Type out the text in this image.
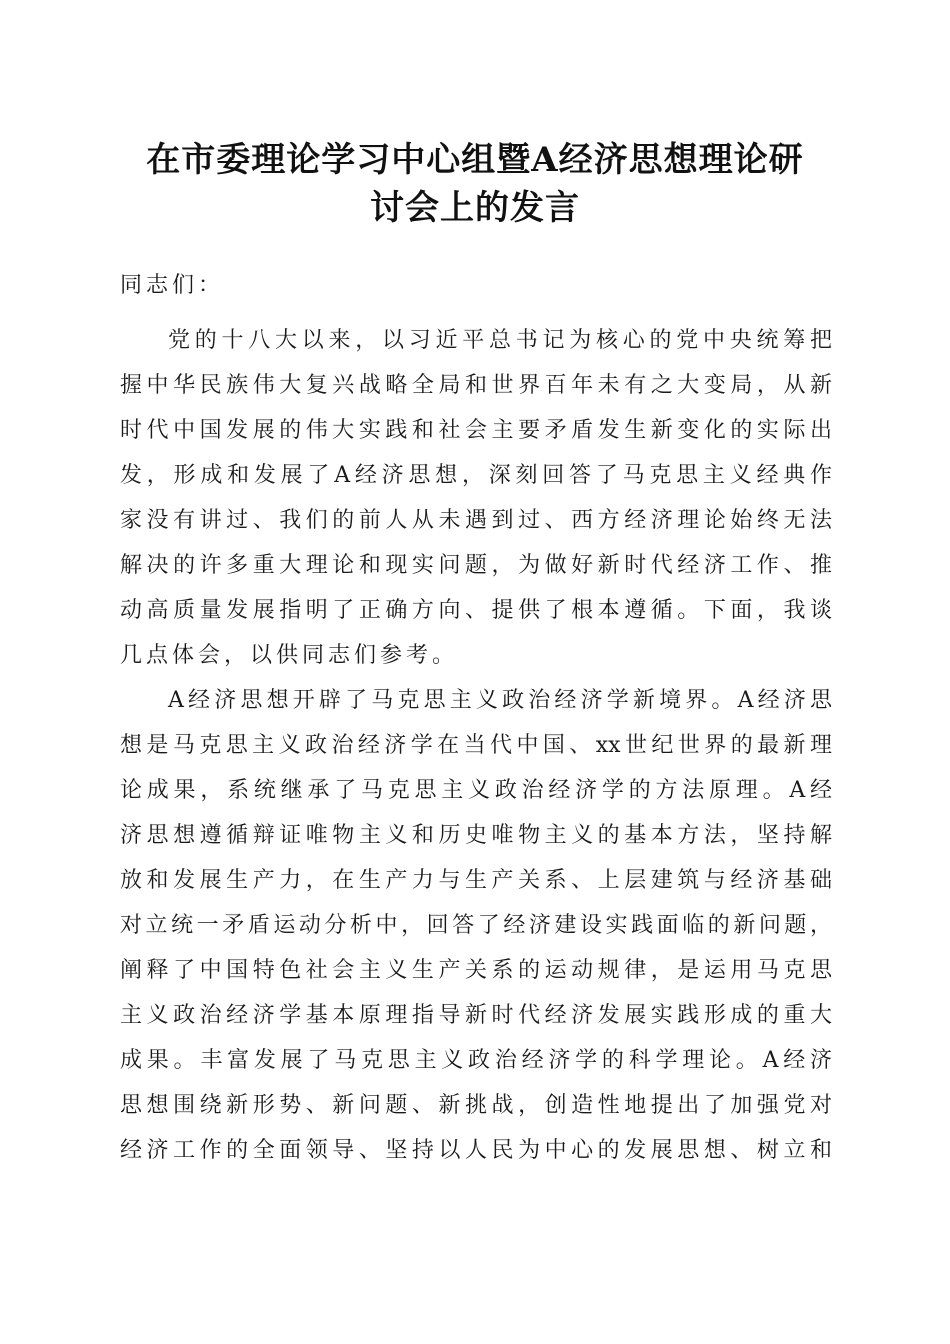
在市委理论学习中心组暨A经济思想理论研
讨会上的发言
同志们：
党的十八大以来，以习近平总书记为核心的党中央统筹把
握中华民族伟大复兴战略全局和世界百年未有之大变局，从新
时代中国发展的伟大实践和社会主要矛盾发生新变化的实际出
发，形成和发展了A经济思想，深刻回答了马克思主义经典作
家没有讲过、我们的前人从未遇到过、西方经济理论始终无法
解决的许多重大理论和现实问题，为做好新时代经济工作、推
动高质量发展指明了正确方向、提供了根本遵循。下面，我谈
几点体会，以供同志们参考。
A经济思想开辟了马克思主义政治经济学新境界。A经济思
想是马克思主义政治经济学在当代中国、xx世纪世界的最新理
论成果，系统继承了马克思主义政治经济学的方法原理。A经
济思想遵循辩证唯物主义和历史唯物主义的基本方法，坚持解
放和发展生产力，在生产力与生产关系、上层建筑与经济基础
对立统一矛盾运动分析中，回答了经济建设实践面临的新问题，
阐释了中国特色社会主义生产关系的运动规律，是运用马克思
主义政治经济学基本原理指导新时代经济发展实践形成的重大
成果。丰富发展了马克思主义政治经济学的科学理论。A经济
思想围绕新形势、新问题、新挑战，创造性地提出了加强党对
经济工作的全面领导、坚持以人民为中心的发展思想、树立和
